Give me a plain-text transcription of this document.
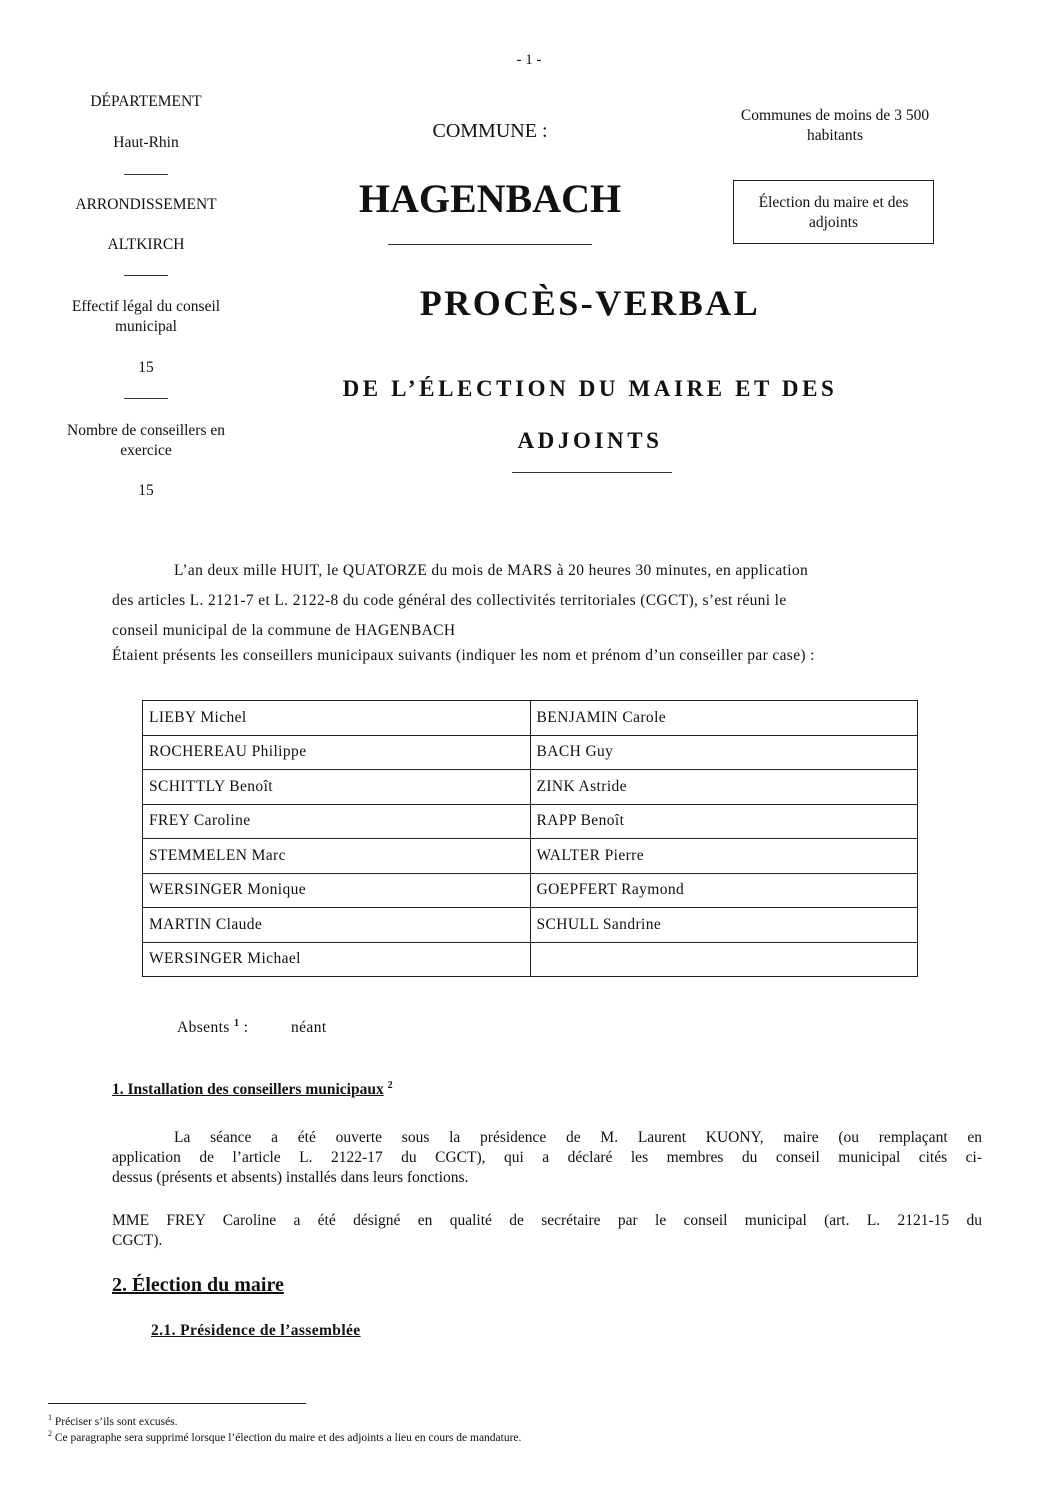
- 1 -
DÉPARTEMENT
Haut-Rhin
ARRONDISSEMENT
ALTKIRCH
Effectif légal du conseil municipal
15
Nombre de conseillers en exercice
15
COMMUNE :
HAGENBACH
PROCÈS-VERBAL
DE L’ÉLECTION DU MAIRE ET DES
ADJOINTS
Communes de moins de 3 500 habitants
Élection du maire et des adjoints
L’an deux mille HUIT, le QUATORZE du mois de MARS à 20 heures 30 minutes, en application
des articles L. 2121-7 et L. 2122-8 du code général des collectivités territoriales (CGCT), s’est réuni le
conseil municipal de la commune de HAGENBACH
Étaient présents les conseillers municipaux suivants (indiquer les nom et prénom d’un conseiller par case) :
LIEBY Michel	BENJAMIN Carole
ROCHEREAU Philippe	BACH Guy
SCHITTLY Benoît	ZINK Astride
FREY Caroline	RAPP Benoît
STEMMELEN Marc	WALTER Pierre
WERSINGER Monique	GOEPFERT Raymond
MARTIN Claude	SCHULL Sandrine
WERSINGER Michael	
Absents $^1$ :	néant
1. Installation des conseillers municipaux $^2$
La séance a été ouverte sous la présidence de M. Laurent KUONY, maire (ou remplaçant en
application de l’article L. 2122-17 du CGCT), qui a déclaré les membres du conseil municipal cités ci-
dessus (présents et absents) installés dans leurs fonctions.
MME FREY Caroline a été désigné en qualité de secrétaire par le conseil municipal (art. L. 2121-15 du
CGCT).
2. Élection du maire
2.1. Présidence de l’assemblée
$^1$ Préciser s’ils sont excusés.
$^2$ Ce paragraphe sera supprimé lorsque l’élection du maire et des adjoints a lieu en cours de mandature.
